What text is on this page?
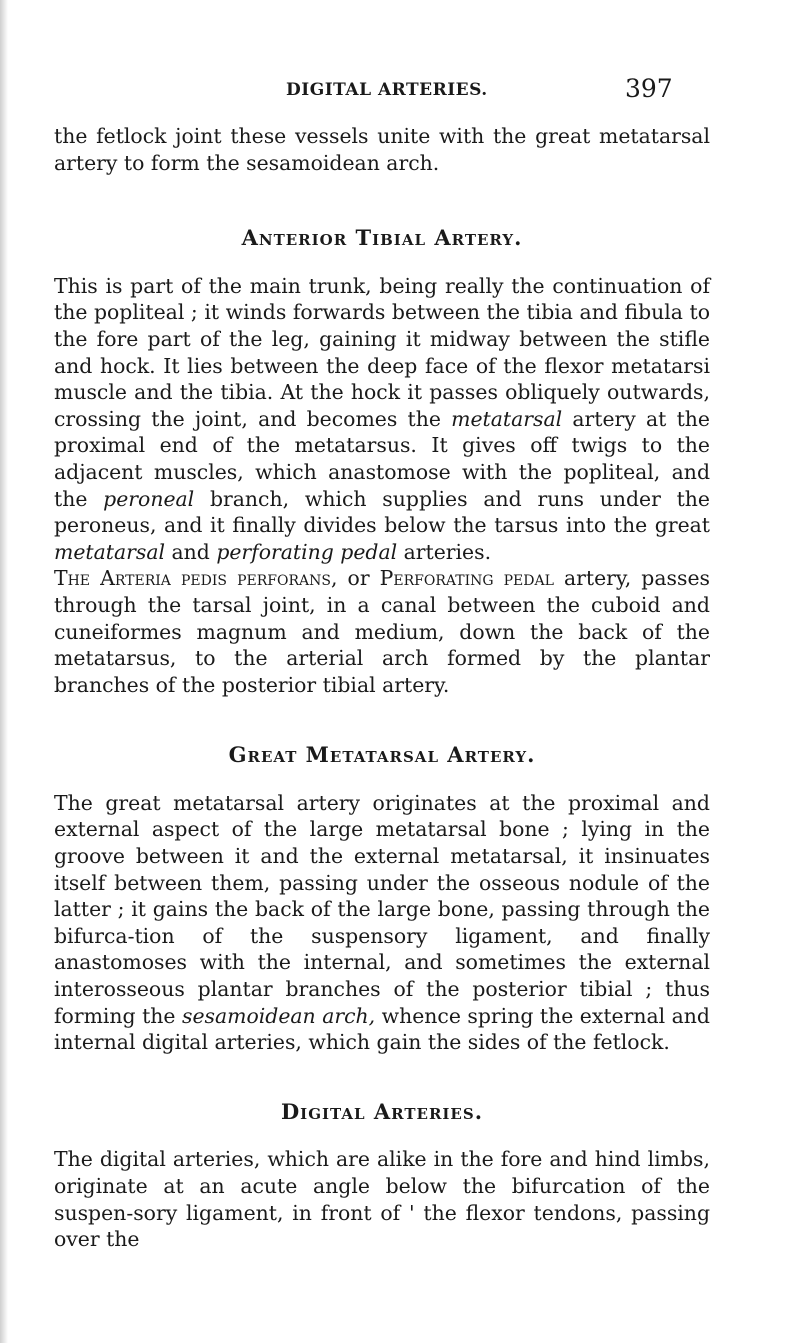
DIGITAL ARTERIES.	397

the fetlock joint these vessels unite with the great metatarsal artery to form the sesamoidean arch.

Anterior Tibial Artery.

This is part of the main trunk, being really the continuation of the popliteal ; it winds forwards between the tibia and fibula to the fore part of the leg, gaining it midway between the stifle and hock. It lies between the deep face of the flexor metatarsi muscle and the tibia. At the hock it passes obliquely outwards, crossing the joint, and becomes the metatarsal artery at the proximal end of the metatarsus. It gives off twigs to the adjacent muscles, which anastomose with the popliteal, and the peroneal branch, which supplies and runs under the peroneus, and it finally divides below the tarsus into the great metatarsal and perforating pedal arteries.

The Arteria pedis perforans, or Perforating pedal artery, passes through the tarsal joint, in a canal between the cuboid and cuneiformes magnum and medium, down the back of the metatarsus, to the arterial arch formed by the plantar branches of the posterior tibial artery.

Great Metatarsal Artery.

The great metatarsal artery originates at the proximal and external aspect of the large metatarsal bone ; lying in the groove between it and the external metatarsal, it insinuates itself between them, passing under the osseous nodule of the latter ; it gains the back of the large bone, passing through the bifurca-tion of the suspensory ligament, and finally anastomoses with the internal, and sometimes the external interosseous plantar branches of the posterior tibial ; thus forming the sesamoidean arch, whence spring the external and internal digital arteries, which gain the sides of the fetlock.

Digital Arteries.

The digital arteries, which are alike in the fore and hind limbs, originate at an acute angle below the bifurcation of the suspen-sory ligament, in front of ' the flexor tendons, passing over the
